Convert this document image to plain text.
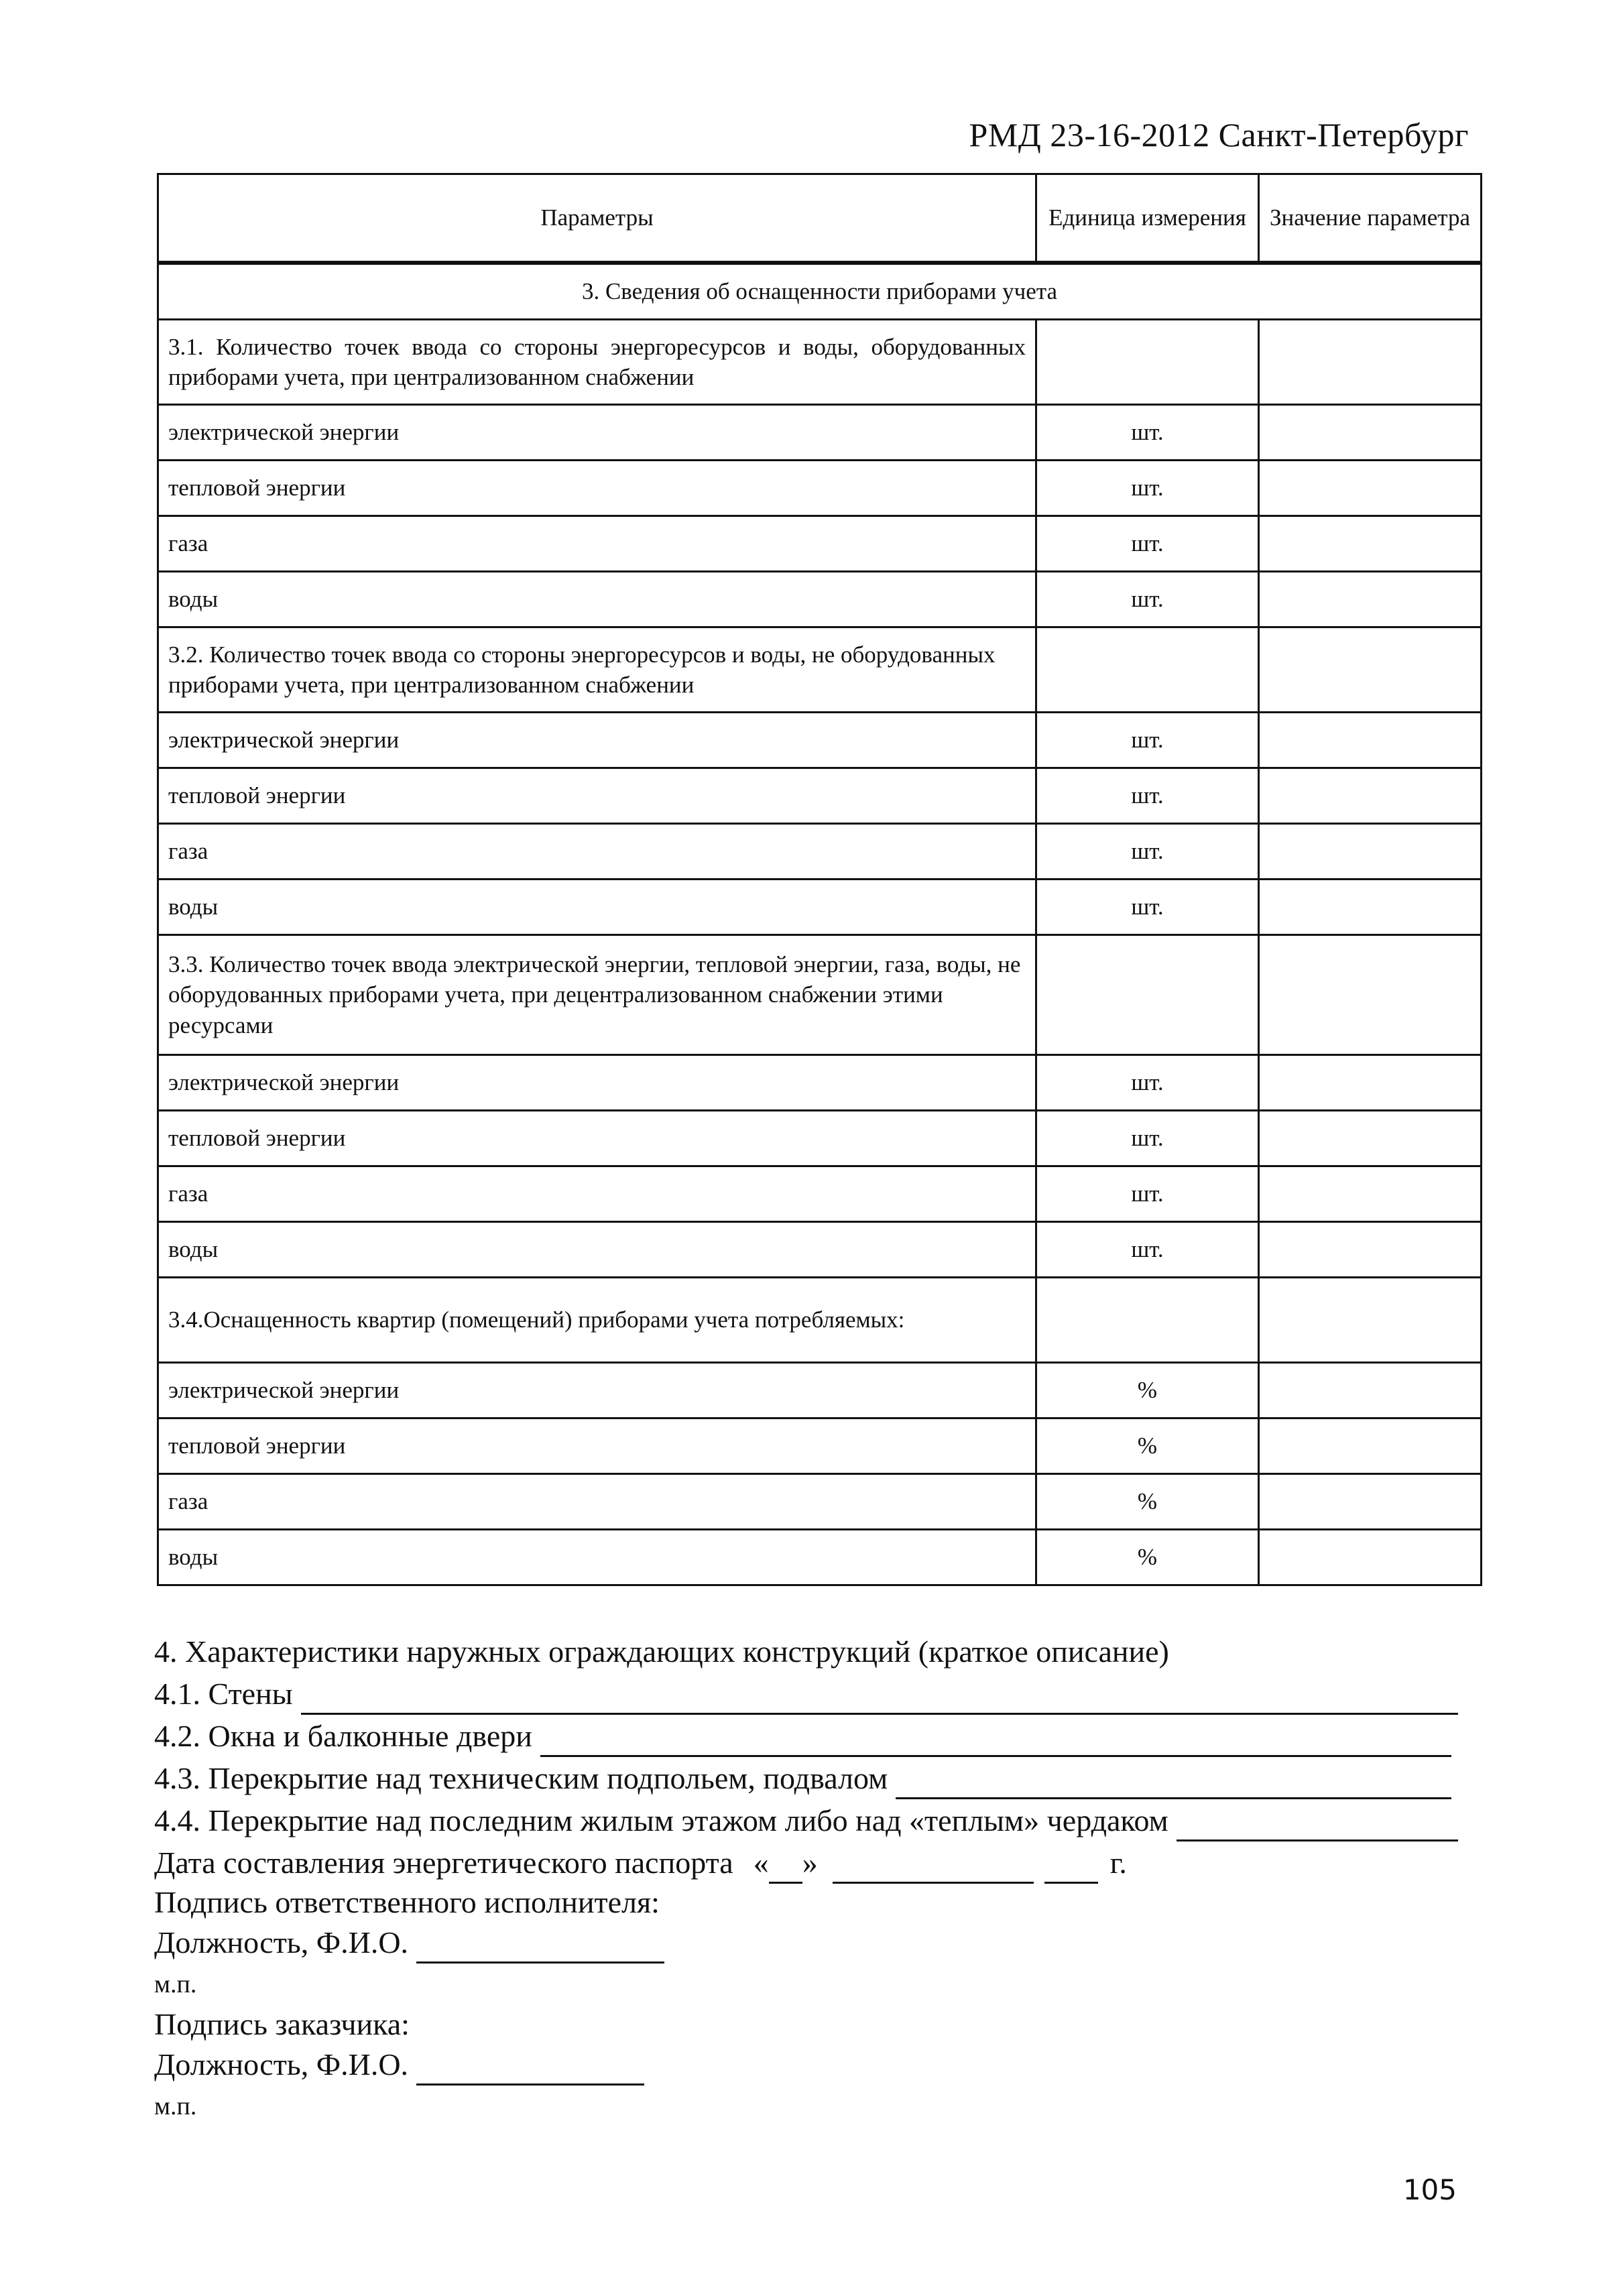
РМД 23-16-2012 Санкт-Петербург
Параметры	Единица измерения	Значение параметра
3. Сведения об оснащенности приборами учета		
3.1. Количество точек ввода со стороны энергоресурсов и воды, оборудованных приборами учета, при централизованном снабжении		
электрической энергии	шт.	
тепловой энергии	шт.	
газа	шт.	
воды	шт.	
3.2. Количество точек ввода со стороны энергоресурсов и воды, не оборудованных приборами учета, при централизованном снабжении		
электрической энергии	шт.	
тепловой энергии	шт.	
газа	шт.	
воды	шт.	
3.3. Количество точек ввода электрической энергии, тепловой энергии, газа, воды, не оборудованных приборами учета, при децентрализованном снабжении этими ресурсами		
электрической энергии	шт.	
тепловой энергии	шт.	
газа	шт.	
воды	шт.	
3.4.Оснащенность квартир (помещений) приборами учета потребляемых:		
электрической энергии	%	
тепловой энергии	%	
газа	%	
воды	%	
4. Характеристики наружных ограждающих конструкций (краткое описание)
4.1. Стены
4.2. Окна и балконные двери
4.3. Перекрытие над техническим подпольем, подвалом
4.4. Перекрытие над последним жилым этажом либо над «теплым» чердаком
Дата составления энергетического паспорта « »	г.
Подпись ответственного исполнителя:
Должность, Ф.И.О.
м.п.
Подпись заказчика:
Должность, Ф.И.О.
м.п.
105
